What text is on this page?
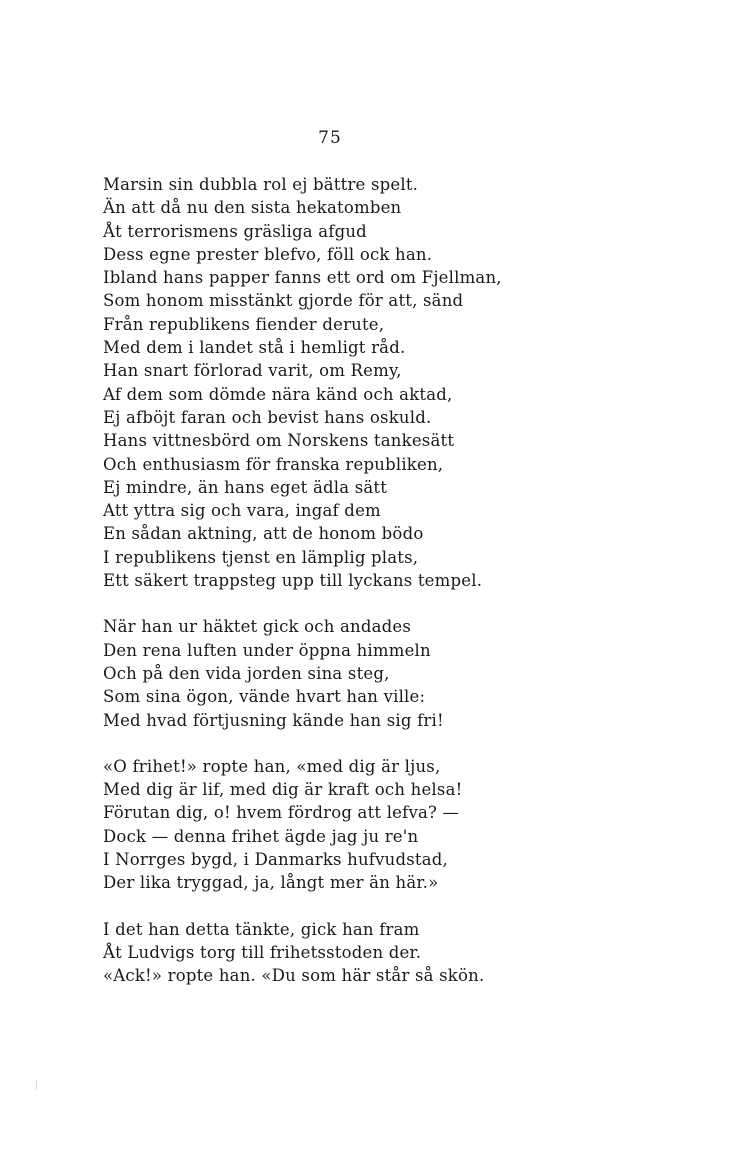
75
Marsin sin dubbla rol ej bättre spelt.
Än att då nu den sista hekatomben
Åt terrorismens gräsliga afgud
Dess egne prester blefvo, föll ock han.
Ibland hans papper fanns ett ord om Fjellman,
Som honom misstänkt gjorde för att, sänd
Från republikens fiender derute,
Med dem i landet stå i hemligt råd.
Han snart förlorad varit, om Remy,
Af dem som dömde nära känd och aktad,
Ej afböjt faran och bevist hans oskuld.
Hans vittnesbörd om Norskens tankesätt
Och enthusiasm för franska republiken,
Ej mindre, än hans eget ädla sätt
Att yttra sig och vara, ingaf dem
En sådan aktning, att de honom bödo
I republikens tjenst en lämplig plats,
Ett säkert trappsteg upp till lyckans tempel.
När han ur häktet gick och andades
Den rena luften under öppna himmeln
Och på den vida jorden sina steg,
Som sina ögon, vände hvart han ville:
Med hvad förtjusning kände han sig fri!
«O frihet!» ropte han, «med dig är ljus,
Med dig är lif, med dig är kraft och helsa!
Förutan dig, o! hvem fördrog att lefva? —
Dock — denna frihet ägde jag ju re'n
I Norrges bygd, i Danmarks hufvudstad,
Der lika tryggad, ja, långt mer än här.»
I det han detta tänkte, gick han fram
Åt Ludvigs torg till frihetsstoden der.
«Ack!» ropte han. «Du som här står så skön.
